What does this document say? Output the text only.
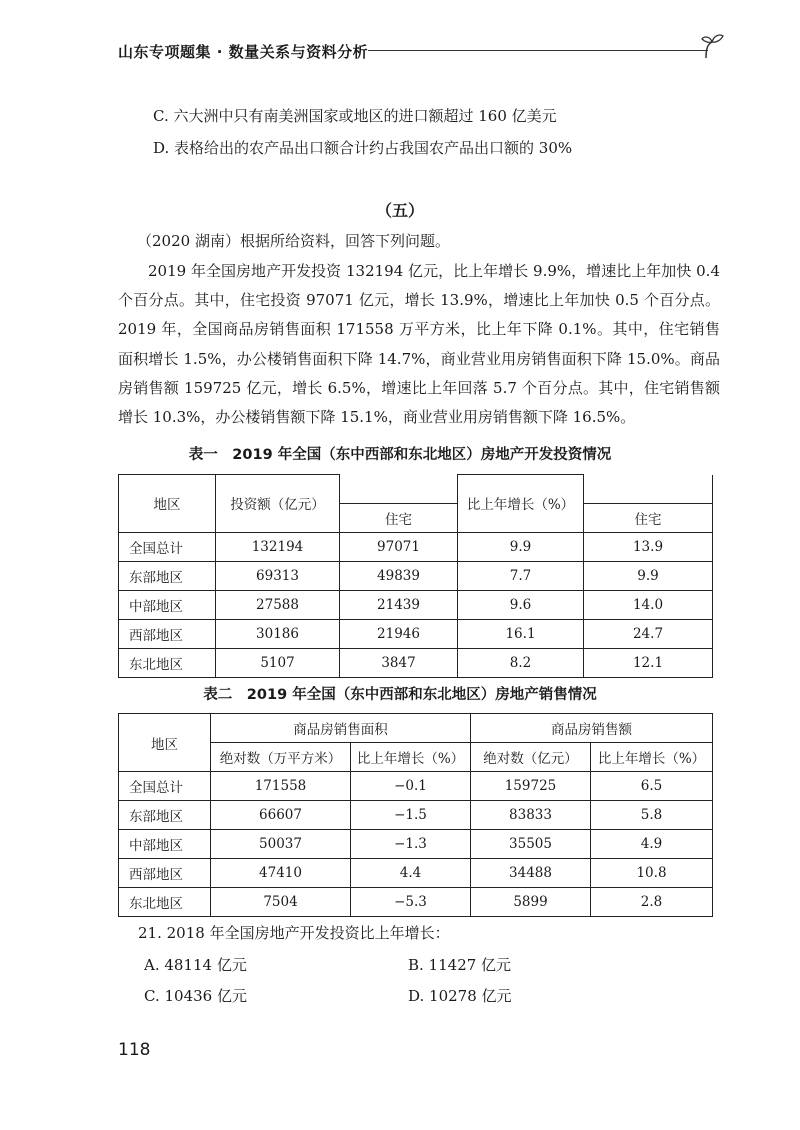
山东专项题集 · 数量关系与资料分析
C. 六大洲中只有南美洲国家或地区的进口额超过 160 亿美元
D. 表格给出的农产品出口额合计约占我国农产品出口额的 30%
（五）
（2020 湖南）根据所给资料，回答下列问题。
2019 年全国房地产开发投资 132194 亿元，比上年增长 9.9%，增速比上年加快 0.4 个百分点。其中，住宅投资 97071 亿元，增长 13.9%，增速比上年加快 0.5 个百分点。2019 年，全国商品房销售面积 171558 万平方米，比上年下降 0.1%。其中，住宅销售面积增长 1.5%，办公楼销售面积下降 14.7%，商业营业用房销售面积下降 15.0%。商品房销售额 159725 亿元，增长 6.5%，增速比上年回落 5.7 个百分点。其中，住宅销售额增长 10.3%，办公楼销售额下降 15.1%，商业营业用房销售额下降 16.5%。
表一　2019 年全国（东中西部和东北地区）房地产开发投资情况
地区	投资额（亿元）		比上年增长（%）	
		住宅		住宅
全国总计	132194	97071	9.9	13.9
东部地区	69313	49839	7.7	9.9
中部地区	27588	21439	9.6	14.0
西部地区	30186	21946	16.1	24.7
东北地区	5107	3847	8.2	12.1
表二　2019 年全国（东中西部和东北地区）房地产销售情况
地区	商品房销售面积		商品房销售额	
	绝对数（万平方米）	比上年增长（%）	绝对数（亿元）	比上年增长（%）
全国总计	171558	−0.1	159725	6.5
东部地区	66607	−1.5	83833	5.8
中部地区	50037	−1.3	35505	4.9
西部地区	47410	4.4	34488	10.8
东北地区	7504	−5.3	5899	2.8
21. 2018 年全国房地产开发投资比上年增长：
A. 48114 亿元	B. 11427 亿元
C. 10436 亿元	D. 10278 亿元
118
